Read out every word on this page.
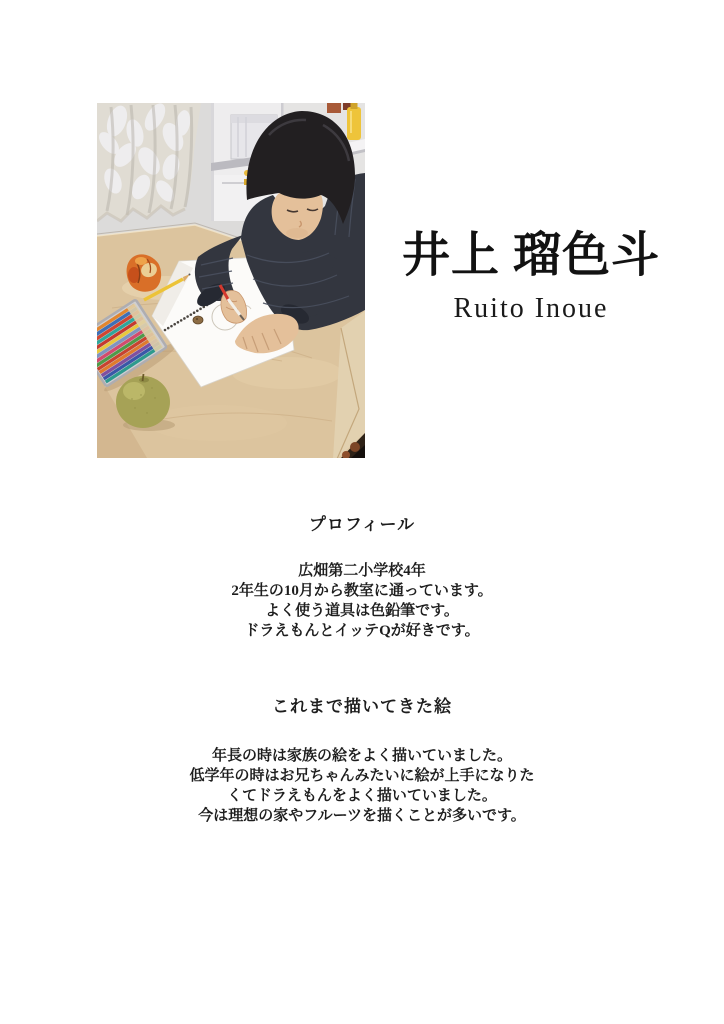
井上 瑠色斗
Ruito Inoue
プロフィール
広畑第二小学校4年
2年生の10月から教室に通っています。
よく使う道具は色鉛筆です。
ドラえもんとイッテQが好きです。
これまで描いてきた絵
年長の時は家族の絵をよく描いていました。
低学年の時はお兄ちゃんみたいに絵が上手になりた
くてドラえもんをよく描いていました。
今は理想の家やフルーツを描くことが多いです。
